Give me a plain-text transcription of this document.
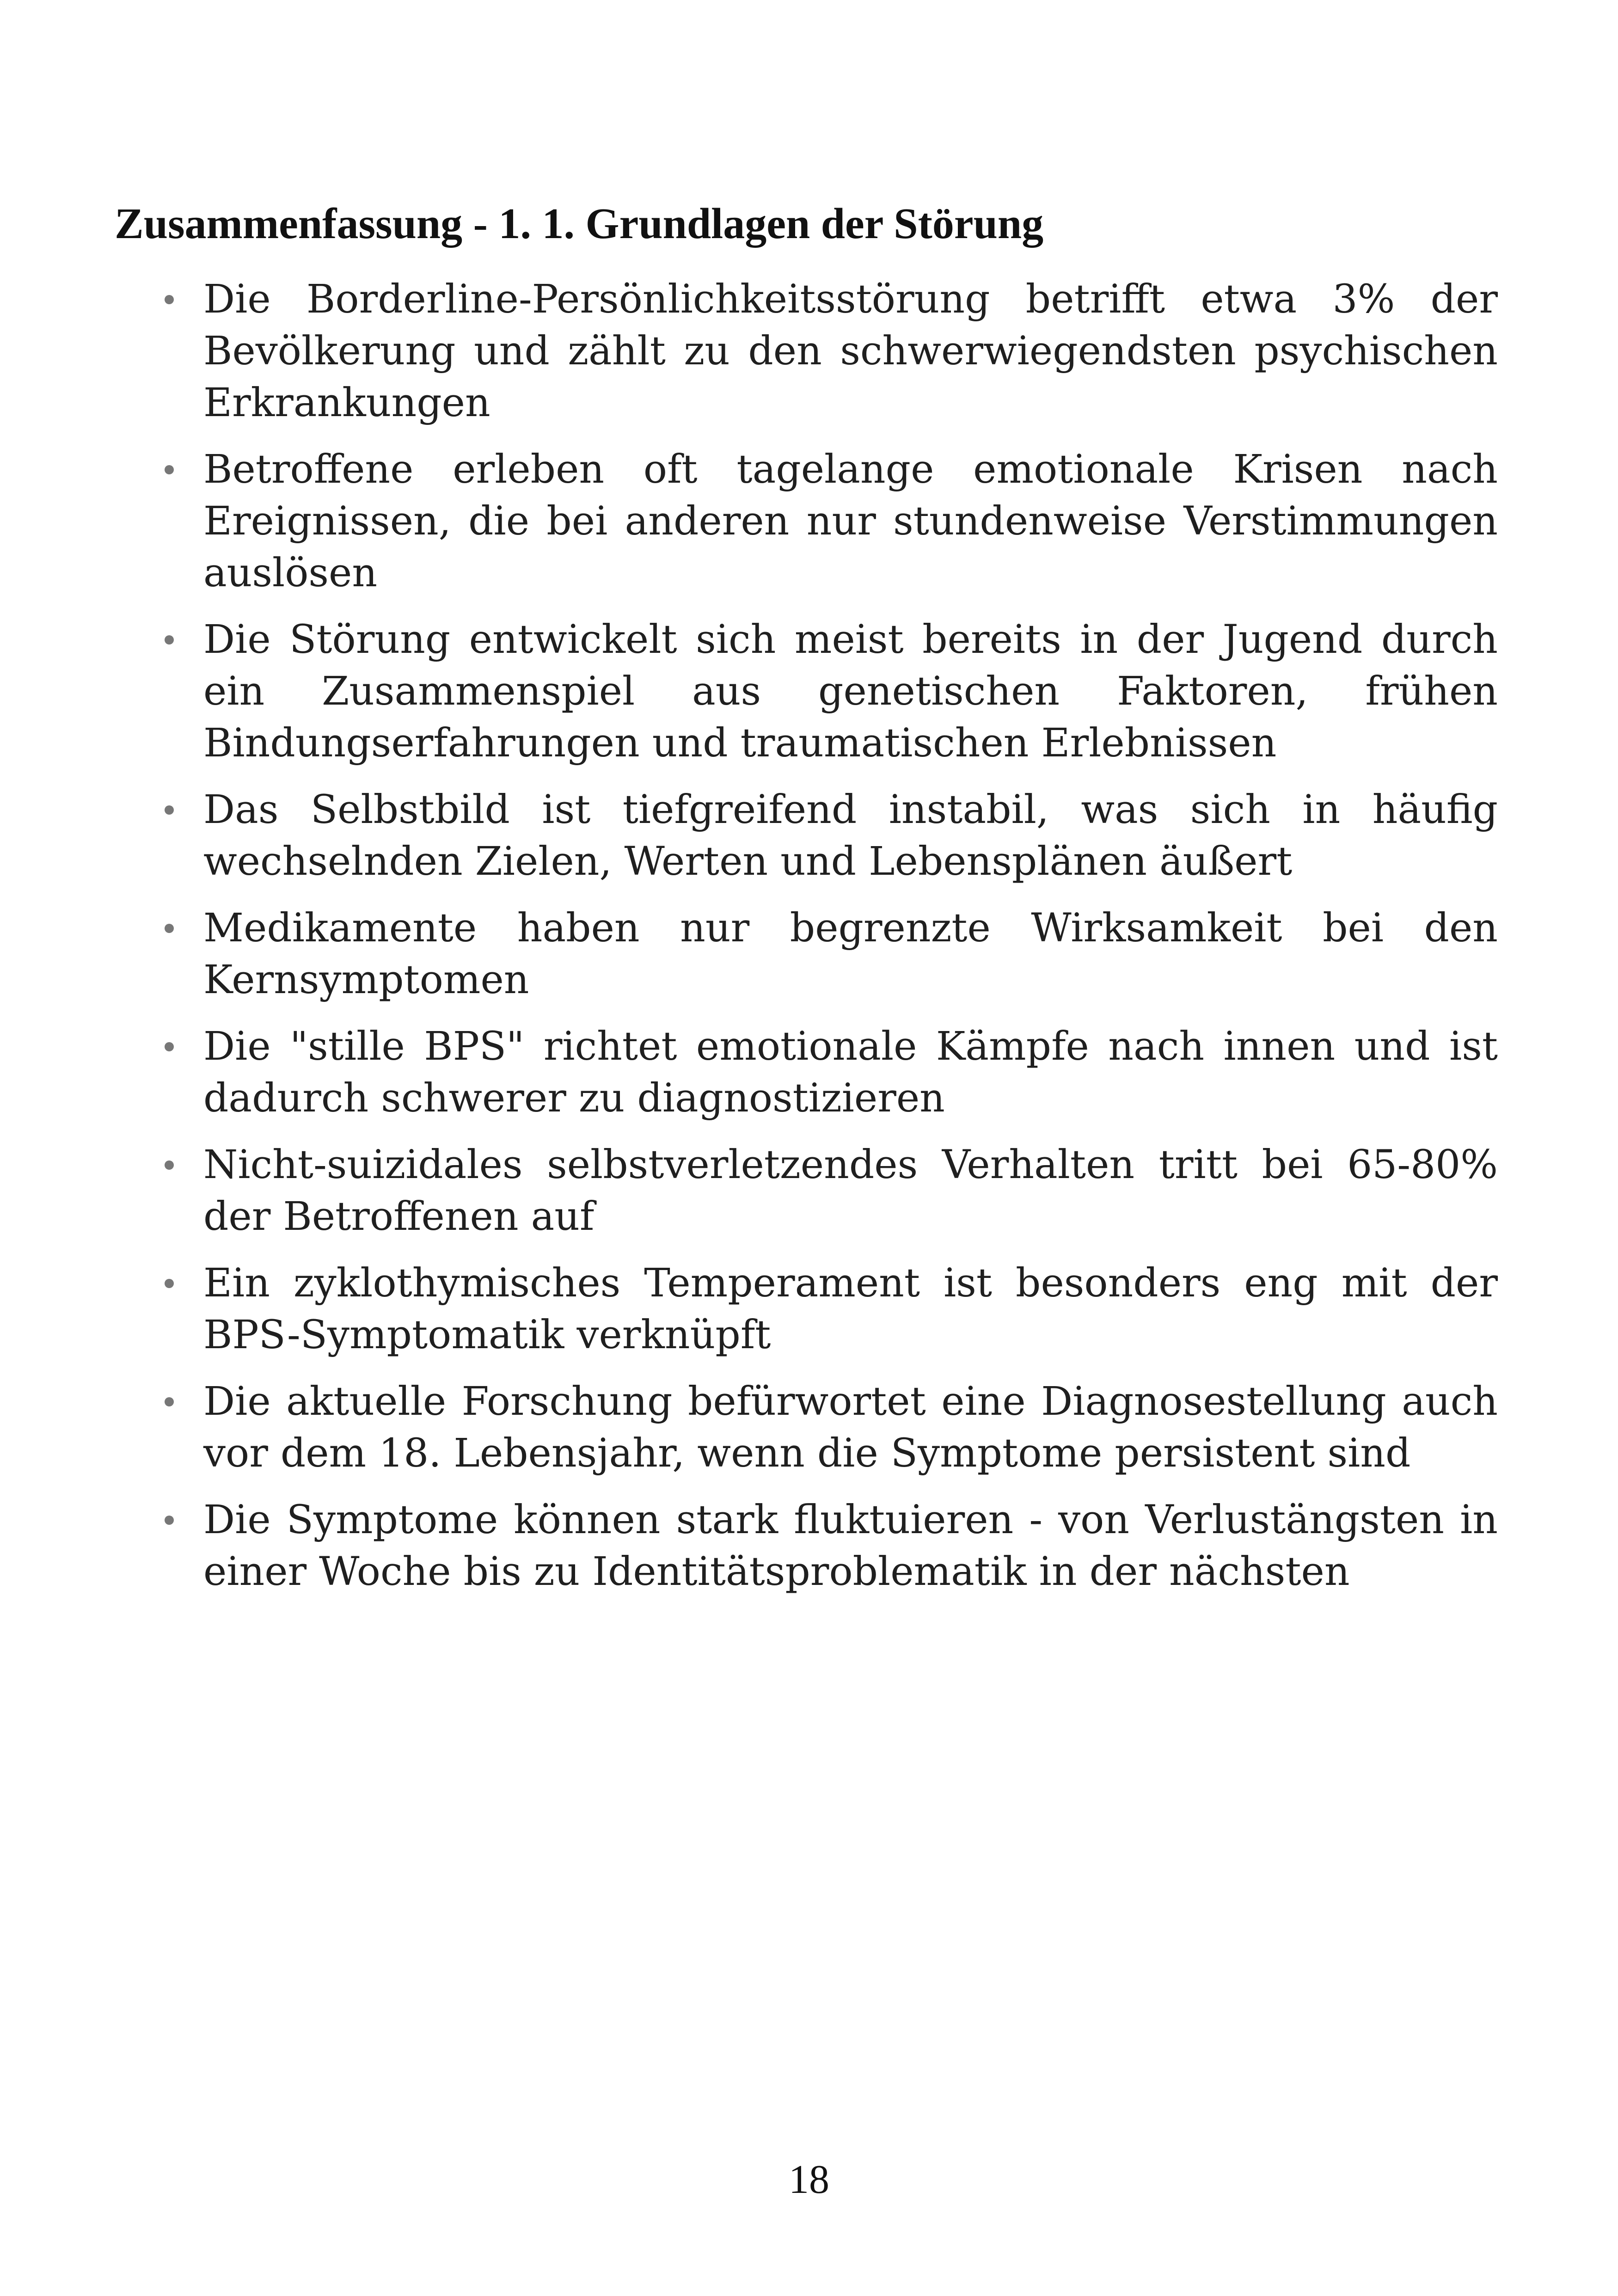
Zusammenfassung - 1. 1. Grundlagen der Störung
Die Borderline-Persönlichkeitsstörung betrifft etwa 3% der Bevölkerung und zählt zu den schwerwiegendsten psychischen Erkrankungen
Betroffene erleben oft tagelange emotionale Krisen nach Ereignissen, die bei anderen nur stundenweise Verstimmungen auslösen
Die Störung entwickelt sich meist bereits in der Jugend durch ein Zusammenspiel aus genetischen Faktoren, frühen Bindungserfahrungen und traumatischen Erlebnissen
Das Selbstbild ist tiefgreifend instabil, was sich in häufig wechselnden Zielen, Werten und Lebensplänen äußert
Medikamente haben nur begrenzte Wirksamkeit bei den Kernsymptomen
Die "stille BPS" richtet emotionale Kämpfe nach innen und ist dadurch schwerer zu diagnostizieren
Nicht-suizidales selbstverletzendes Verhalten tritt bei 65-80% der Betroffenen auf
Ein zyklothymisches Temperament ist besonders eng mit der BPS-Symptomatik verknüpft
Die aktuelle Forschung befürwortet eine Diagnosestellung auch vor dem 18. Lebensjahr, wenn die Symptome persistent sind
Die Symptome können stark fluktuieren - von Verlustängsten in einer Woche bis zu Identitätsproblematik in der nächsten
18
